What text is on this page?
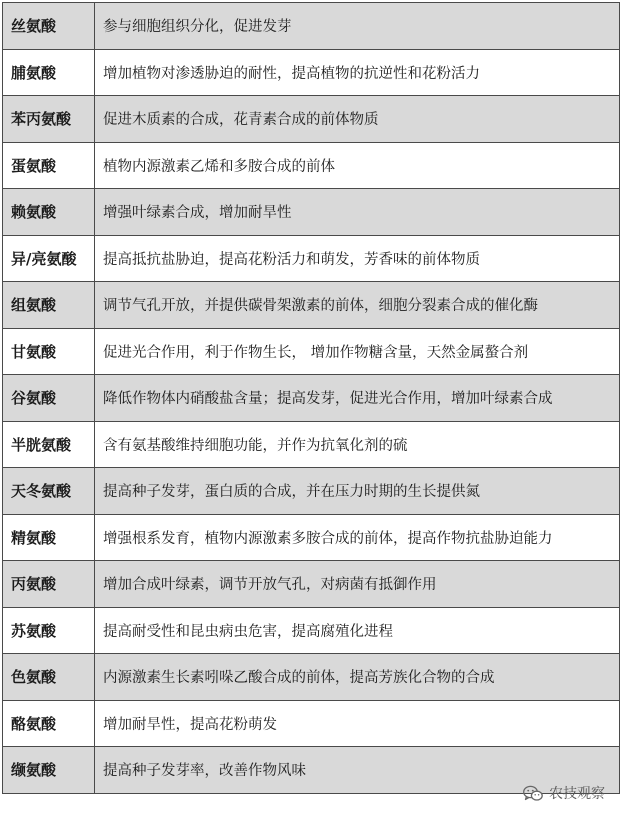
丝氨酸	参与细胞组织分化，促进发芽
脯氨酸	增加植物对渗透胁迫的耐性，提高植物的抗逆性和花粉活力
苯丙氨酸	促进木质素的合成，花青素合成的前体物质
蛋氨酸	植物内源激素乙烯和多胺合成的前体
赖氨酸	增强叶绿素合成，增加耐旱性
异/亮氨酸	提高抵抗盐胁迫，提高花粉活力和萌发，芳香味的前体物质
组氨酸	调节气孔开放，并提供碳骨架激素的前体，细胞分裂素合成的催化酶
甘氨酸	促进光合作用，利于作物生长， 增加作物糖含量，天然金属螯合剂
谷氨酸	降低作物体内硝酸盐含量；提高发芽，促进光合作用，增加叶绿素合成
半胱氨酸	含有氨基酸维持细胞功能，并作为抗氧化剂的硫
天冬氨酸	提高种子发芽，蛋白质的合成，并在压力时期的生长提供氮
精氨酸	增强根系发育，植物内源激素多胺合成的前体，提高作物抗盐胁迫能力
丙氨酸	增加合成叶绿素，调节开放气孔，对病菌有抵御作用
苏氨酸	提高耐受性和昆虫病虫危害，提高腐殖化进程
色氨酸	内源激素生长素吲哚乙酸合成的前体，提高芳族化合物的合成
酪氨酸	增加耐旱性，提高花粉萌发
缬氨酸	提高种子发芽率，改善作物风味
农技观察
